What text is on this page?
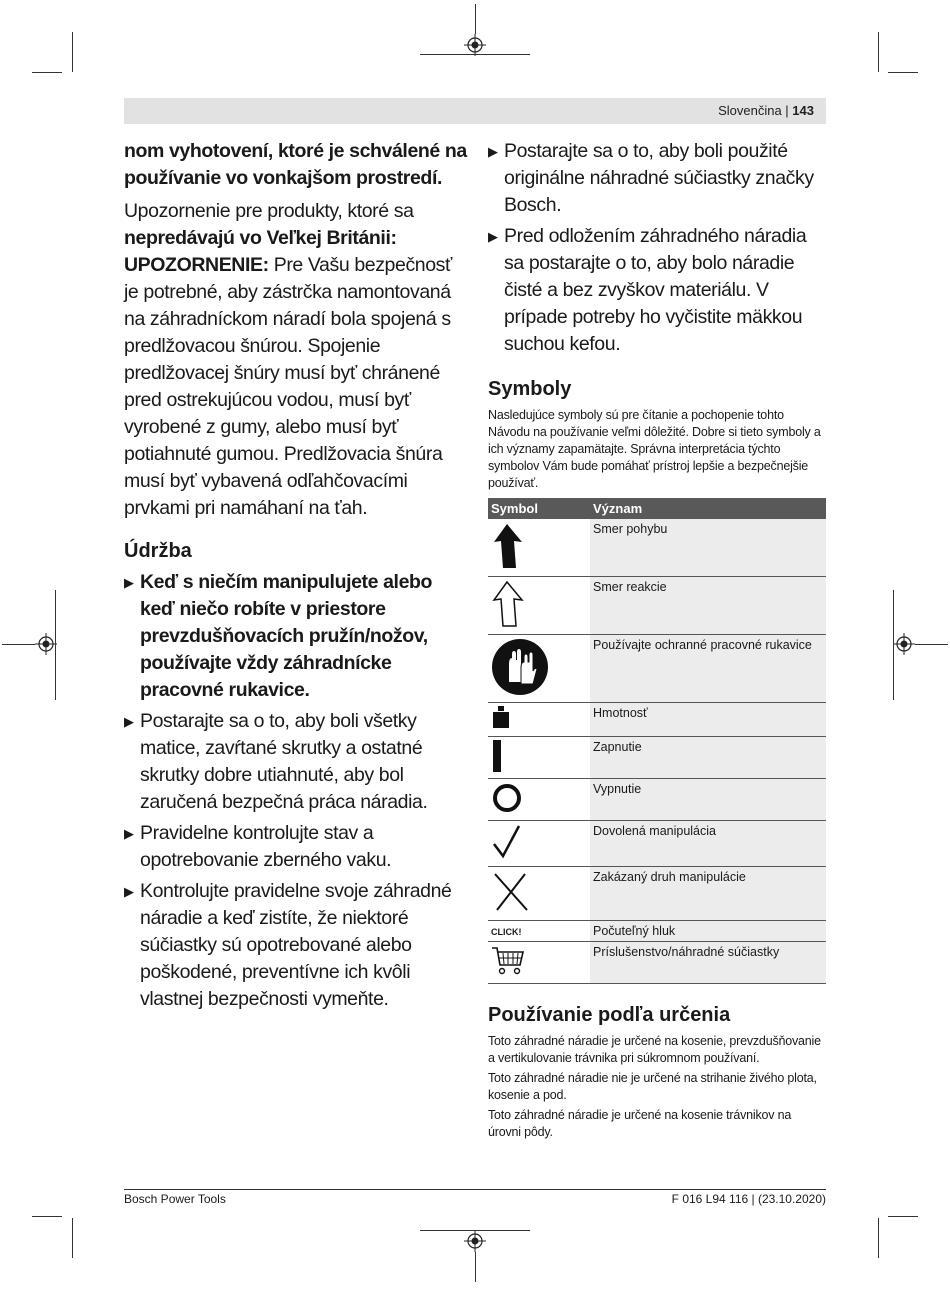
Slovenčina | 143

nom vyhotovení, ktoré je schválené na používanie vo vonkajšom prostredí.

Upozornenie pre produkty, ktoré sa nepredávajú vo Veľkej Británii: UPOZORNENIE: Pre Vašu bezpečnosť je potrebné, aby zástrčka namontovaná na záhradníckom náradí bola spojená s predlžovacou šnúrou. Spojenie predlžovacej šnúry musí byť chránené pred ostrekujúcou vodou, musí byť vyrobené z gumy, alebo musí byť potiahnuté gumou. Predlžovacia šnúra musí byť vybavená odľahčovacími prvkami pri namáhaní na ťah.

Údržba
▶ Keď s niečím manipulujete alebo keď niečo robíte v priestore prevzdušňovacích pružín/nožov, používajte vždy záhradnícke pracovné rukavice.
▶ Postarajte sa o to, aby boli všetky matice, zavŕtané skrutky a ostatné skrutky dobre utiahnuté, aby bol zaručená bezpečná práca náradia.
▶ Pravidelne kontrolujte stav a opotrebovanie zberného vaku.
▶ Kontrolujte pravidelne svoje záhradné náradie a keď zistíte, že niektoré súčiastky sú opotrebované alebo poškodené, preventívne ich kvôli vlastnej bezpečnosti vymeňte.
▶ Postarajte sa o to, aby boli použité originálne náhradné súčiastky značky Bosch.
▶ Pred odložením záhradného náradia sa postarajte o to, aby bolo náradie čisté a bez zvyškov materiálu. V prípade potreby ho vyčistite mäkkou suchou kefou.
Symboly

Nasledujúce symboly sú pre čítanie a pochopenie tohto Návodu na používanie veľmi dôležité. Dobre si tieto symboly a ich významy zapamätajte. Správna interpretácia týchto symbolov Vám bude pomáhať prístroj lepšie a bezpečnejšie používať.

Symbol	Význam
	Smer pohybu
	Smer reakcie
	Používajte ochranné pracovné rukavice
	Hmotnosť
	Zapnutie
	Vypnutie
	Dovolená manipulácia
	Zakázaný druh manipulácie
CLICK!	Počuteľný hluk
	Príslušenstvo/náhradné súčiastky
Používanie podľa určenia

Toto záhradné náradie je určené na kosenie, prevzdušňovanie a vertikulovanie trávnika pri súkromnom používaní.

Toto záhradné náradie nie je určené na strihanie živého plota, kosenie a pod.

Toto záhradné náradie je určené na kosenie trávnikov na úrovni pôdy.

Bosch Power Tools	F 016 L94 116 | (23.10.2020)
